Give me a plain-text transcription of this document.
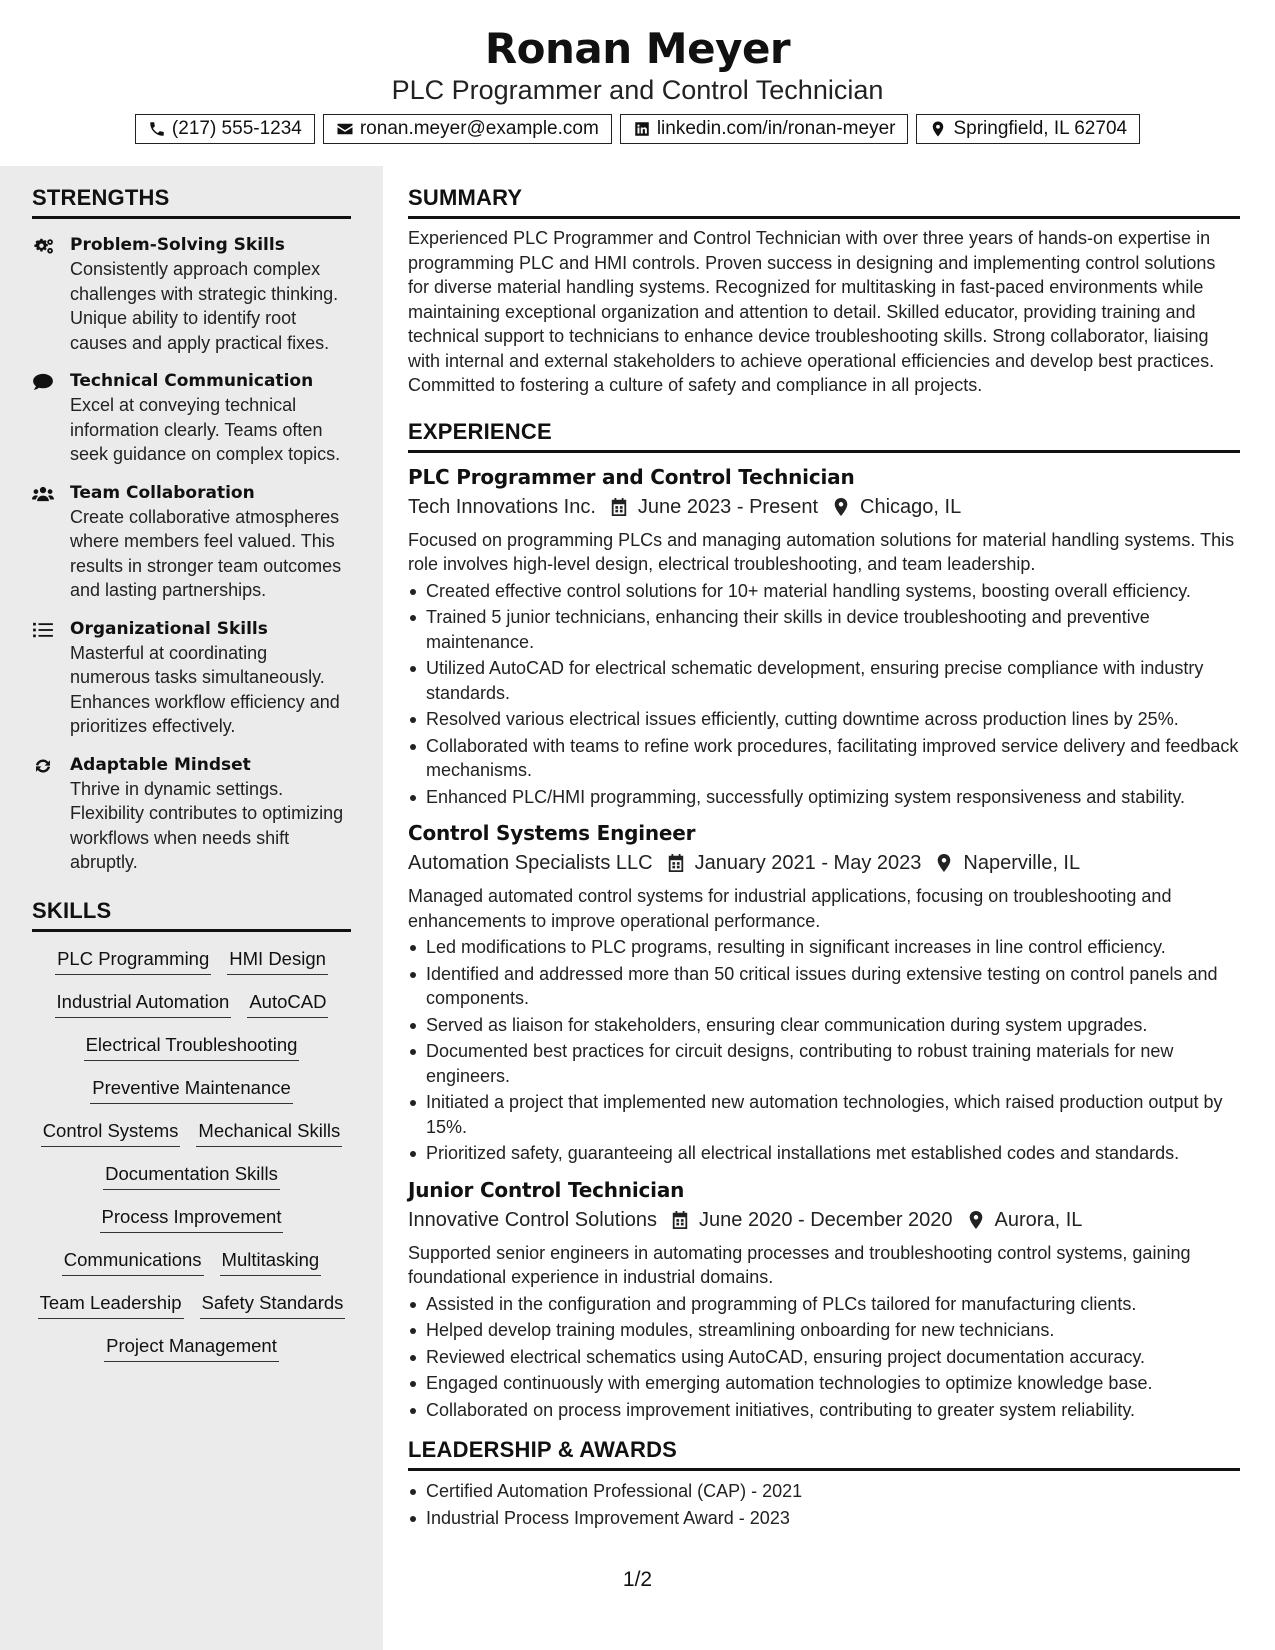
Ronan Meyer
PLC Programmer and Control Technician
(217) 555-1234	ronan.meyer@example.com	linkedin.com/in/ronan-meyer	Springfield, IL 62704
STRENGTHS
Problem-Solving Skills
Consistently approach complex challenges with strategic thinking. Unique ability to identify root causes and apply practical fixes.
Technical Communication
Excel at conveying technical information clearly. Teams often seek guidance on complex topics.
Team Collaboration
Create collaborative atmospheres where members feel valued. This results in stronger team outcomes and lasting partnerships.
Organizational Skills
Masterful at coordinating numerous tasks simultaneously. Enhances workflow efficiency and prioritizes effectively.
Adaptable Mindset
Thrive in dynamic settings. Flexibility contributes to optimizing workflows when needs shift abruptly.
SKILLS
PLC Programming HMI Design
Industrial Automation AutoCAD
Electrical Troubleshooting
Preventive Maintenance
Control Systems Mechanical Skills
Documentation Skills
Process Improvement
Communications Multitasking
Team Leadership Safety Standards
Project Management
SUMMARY
Experienced PLC Programmer and Control Technician with over three years of hands-on expertise in programming PLC and HMI controls. Proven success in designing and implementing control solutions for diverse material handling systems. Recognized for multitasking in fast-paced environments while maintaining exceptional organization and attention to detail. Skilled educator, providing training and technical support to technicians to enhance device troubleshooting skills. Strong collaborator, liaising with internal and external stakeholders to achieve operational efficiencies and develop best practices. Committed to fostering a culture of safety and compliance in all projects.
EXPERIENCE
PLC Programmer and Control Technician
Tech Innovations Inc. June 2023 - Present Chicago, IL
Focused on programming PLCs and managing automation solutions for material handling systems. This role involves high-level design, electrical troubleshooting, and team leadership.
Created effective control solutions for 10+ material handling systems, boosting overall efficiency.
Trained 5 junior technicians, enhancing their skills in device troubleshooting and preventive maintenance.
Utilized AutoCAD for electrical schematic development, ensuring precise compliance with industry standards.
Resolved various electrical issues efficiently, cutting downtime across production lines by 25%.
Collaborated with teams to refine work procedures, facilitating improved service delivery and feedback mechanisms.
Enhanced PLC/HMI programming, successfully optimizing system responsiveness and stability.
Control Systems Engineer
Automation Specialists LLC January 2021 - May 2023 Naperville, IL
Managed automated control systems for industrial applications, focusing on troubleshooting and enhancements to improve operational performance.
Led modifications to PLC programs, resulting in significant increases in line control efficiency.
Identified and addressed more than 50 critical issues during extensive testing on control panels and components.
Served as liaison for stakeholders, ensuring clear communication during system upgrades.
Documented best practices for circuit designs, contributing to robust training materials for new engineers.
Initiated a project that implemented new automation technologies, which raised production output by 15%.
Prioritized safety, guaranteeing all electrical installations met established codes and standards.
Junior Control Technician
Innovative Control Solutions June 2020 - December 2020 Aurora, IL
Supported senior engineers in automating processes and troubleshooting control systems, gaining foundational experience in industrial domains.
Assisted in the configuration and programming of PLCs tailored for manufacturing clients.
Helped develop training modules, streamlining onboarding for new technicians.
Reviewed electrical schematics using AutoCAD, ensuring project documentation accuracy.
Engaged continuously with emerging automation technologies to optimize knowledge base.
Collaborated on process improvement initiatives, contributing to greater system reliability.
LEADERSHIP & AWARDS
Certified Automation Professional (CAP) - 2021
Industrial Process Improvement Award - 2023
1/2
